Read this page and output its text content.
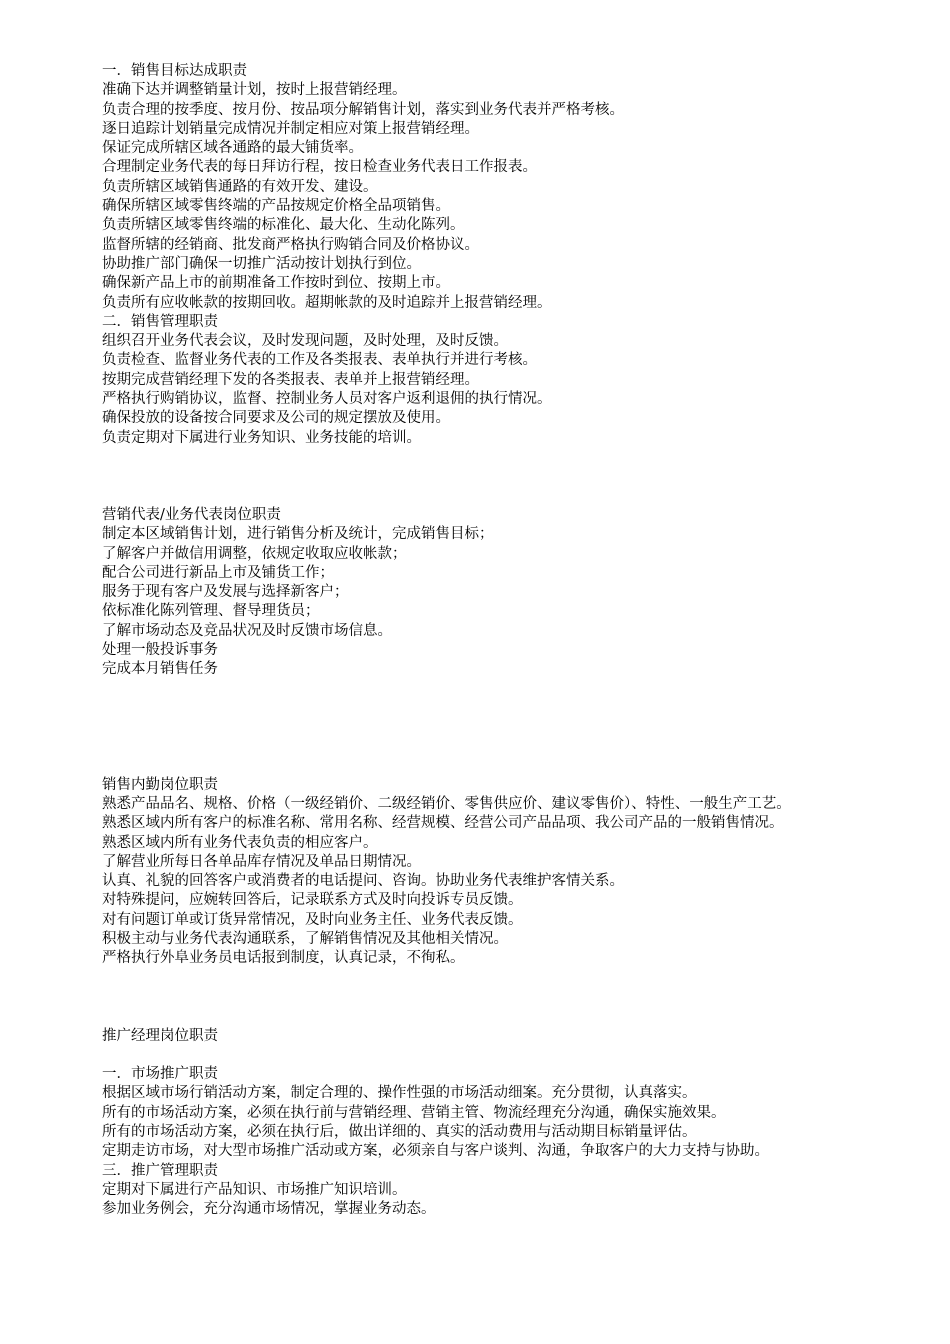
一．销售目标达成职责
准确下达并调整销量计划，按时上报营销经理。
负责合理的按季度、按月份、按品项分解销售计划，落实到业务代表并严格考核。
逐日追踪计划销量完成情况并制定相应对策上报营销经理。
保证完成所辖区域各通路的最大铺货率。
合理制定业务代表的每日拜访行程，按日检查业务代表日工作报表。
负责所辖区域销售通路的有效开发、建设。
确保所辖区域零售终端的产品按规定价格全品项销售。
负责所辖区域零售终端的标准化、最大化、生动化陈列。
监督所辖的经销商、批发商严格执行购销合同及价格协议。
协助推广部门确保一切推广活动按计划执行到位。
确保新产品上市的前期准备工作按时到位、按期上市。
负责所有应收帐款的按期回收。超期帐款的及时追踪并上报营销经理。
二．销售管理职责
组织召开业务代表会议，及时发现问题，及时处理，及时反馈。
负责检查、监督业务代表的工作及各类报表、表单执行并进行考核。
按期完成营销经理下发的各类报表、表单并上报营销经理。
严格执行购销协议，监督、控制业务人员对客户返利退佣的执行情况。
确保投放的设备按合同要求及公司的规定摆放及使用。
负责定期对下属进行业务知识、业务技能的培训。
营销代表/业务代表岗位职责
制定本区域销售计划，进行销售分析及统计，完成销售目标；
了解客户并做信用调整，依规定收取应收帐款；
配合公司进行新品上市及铺货工作；
服务于现有客户及发展与选择新客户；
依标准化陈列管理、督导理货员；
了解市场动态及竞品状况及时反馈市场信息。
处理一般投诉事务
完成本月销售任务
销售内勤岗位职责
熟悉产品品名、规格、价格（一级经销价、二级经销价、零售供应价、建议零售价）、特性、一般生产工艺。
熟悉区域内所有客户的标准名称、常用名称、经营规模、经营公司产品品项、我公司产品的一般销售情况。
熟悉区域内所有业务代表负责的相应客户。
了解营业所每日各单品库存情况及单品日期情况。
认真、礼貌的回答客户或消费者的电话提问、咨询。协助业务代表维护客情关系。
对特殊提问，应婉转回答后，记录联系方式及时向投诉专员反馈。
对有问题订单或订货异常情况，及时向业务主任、业务代表反馈。
积极主动与业务代表沟通联系，了解销售情况及其他相关情况。
严格执行外阜业务员电话报到制度，认真记录，不徇私。
推广经理岗位职责
一．市场推广职责
根据区域市场行销活动方案，制定合理的、操作性强的市场活动细案。充分贯彻，认真落实。
所有的市场活动方案，必须在执行前与营销经理、营销主管、物流经理充分沟通，确保实施效果。
所有的市场活动方案，必须在执行后，做出详细的、真实的活动费用与活动期目标销量评估。
定期走访市场，对大型市场推广活动或方案，必须亲自与客户谈判、沟通，争取客户的大力支持与协助。
三．推广管理职责
定期对下属进行产品知识、市场推广知识培训。
参加业务例会，充分沟通市场情况，掌握业务动态。
